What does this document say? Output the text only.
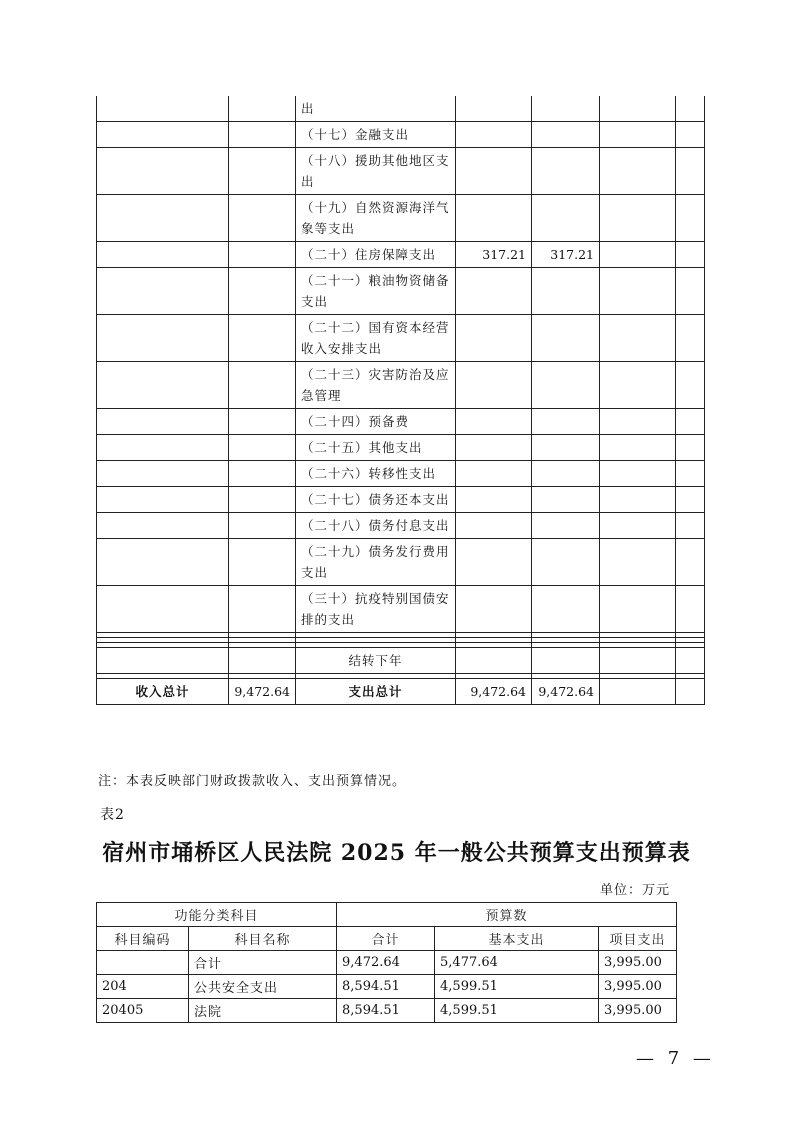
		出				
		（十七）金融支出				
		（十八）援助其他地区支出				
		（十九）自然资源海洋气象等支出				
		（二十）住房保障支出	317.21	317.21		
		（二十一）粮油物资储备支出				
		（二十二）国有资本经营收入安排支出				
		（二十三）灾害防治及应急管理				
		（二十四）预备费				
		（二十五）其他支出				
		（二十六）转移性支出				
		（二十七）债务还本支出				
		（二十八）债务付息支出				
		（二十九）债务发行费用支出				
		（三十）抗疫特别国债安排的支出				

		结转下年				

收入总计	9,472.64	支出总计	9,472.64	9,472.64		
注：本表反映部门财政拨款收入、支出预算情况。
表2
宿州市埇桥区人民法院 2025 年一般公共预算支出预算表
单位：万元
功能分类科目		预算数		
科目编码	科目名称	合计	基本支出	项目支出
	合计	9,472.64	5,477.64	3,995.00
204	公共安全支出	8,594.51	4,599.51	3,995.00
20405	法院	8,594.51	4,599.51	3,995.00
— 7 —
